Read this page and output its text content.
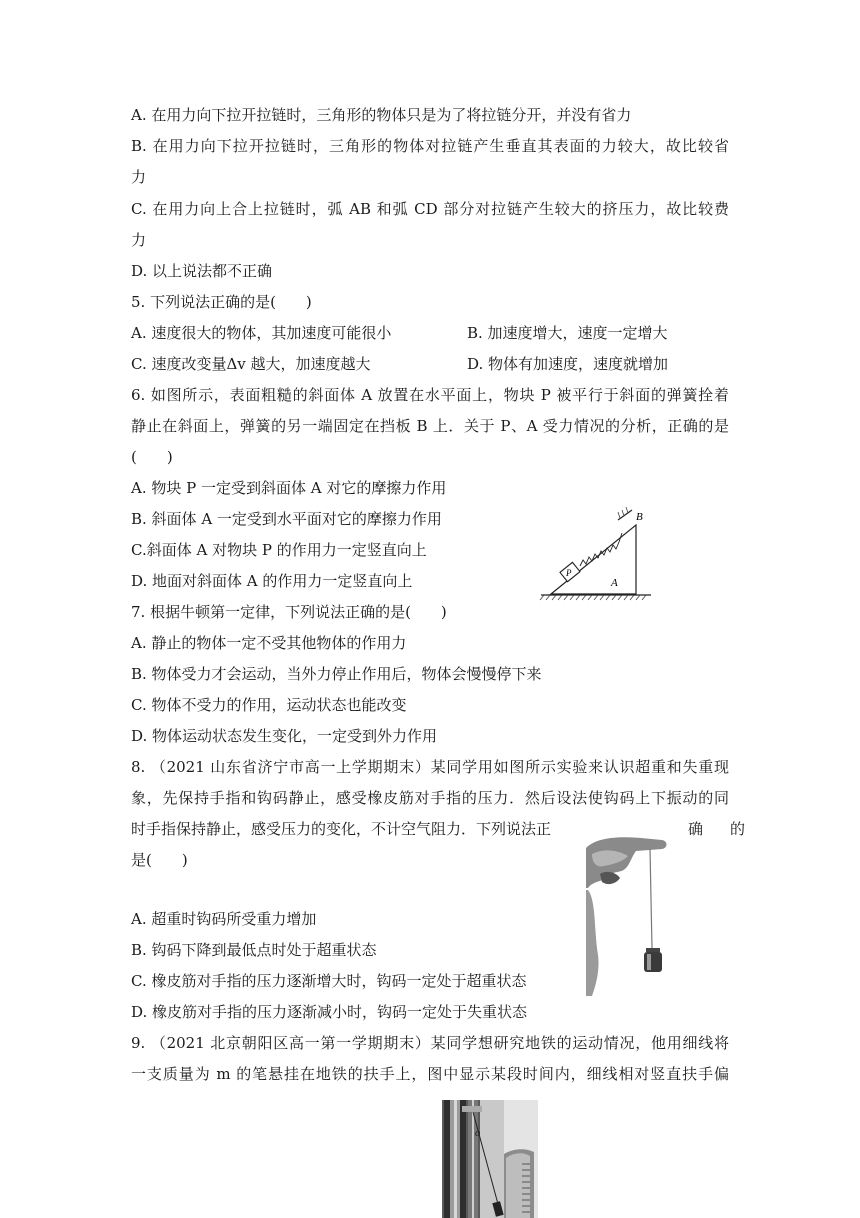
A. 在用力向下拉开拉链时，三角形的物体只是为了将拉链分开，并没有省力
B. 在用力向下拉开拉链时，三角形的物体对拉链产生垂直其表面的力较大，故比较省
力
C. 在用力向上合上拉链时，弧 AB 和弧 CD 部分对拉链产生较大的挤压力，故比较费
力
D. 以上说法都不正确
5. 下列说法正确的是(　　)
A. 速度很大的物体，其加速度可能很小	B. 加速度增大，速度一定增大
C. 速度改变量Δv 越大，加速度越大	D. 物体有加速度，速度就增加
6. 如图所示，表面粗糙的斜面体 A 放置在水平面上，物块 P 被平行于斜面的弹簧拴着
静止在斜面上，弹簧的另一端固定在挡板 B 上．关于 P、A 受力情况的分析，正确的是
(　　)
A. 物块 P 一定受到斜面体 A 对它的摩擦力作用
B. 斜面体 A 一定受到水平面对它的摩擦力作用
C.斜面体 A 对物块 P 的作用力一定竖直向上
D. 地面对斜面体 A 的作用力一定竖直向上
B
P
A
7. 根据牛顿第一定律，下列说法正确的是(　　)
A. 静止的物体一定不受其他物体的作用力
B. 物体受力才会运动，当外力停止作用后，物体会慢慢停下来
C. 物体不受力的作用，运动状态也能改变
D. 物体运动状态发生变化，一定受到外力作用
8. （2021 山东省济宁市高一上学期期末）某同学用如图所示实验来认识超重和失重现
象，先保持手指和钩码静止，感受橡皮筋对手指的压力．然后设法使钩码上下振动的同
时手指保持静止，感受压力的变化，不计空气阻力．下列说法正	确　的
是(　　)
A. 超重时钩码所受重力增加
B. 钩码下降到最低点时处于超重状态
C. 橡皮筋对手指的压力逐渐增大时，钩码一定处于超重状态
D. 橡皮筋对手指的压力逐渐减小时，钩码一定处于失重状态
9. （2021 北京朝阳区高一第一学期期末）某同学想研究地铁的运动情况，他用细线将
一支质量为 m 的笔悬挂在地铁的扶手上，图中显示某段时间内，细线相对竖直扶手偏
o
